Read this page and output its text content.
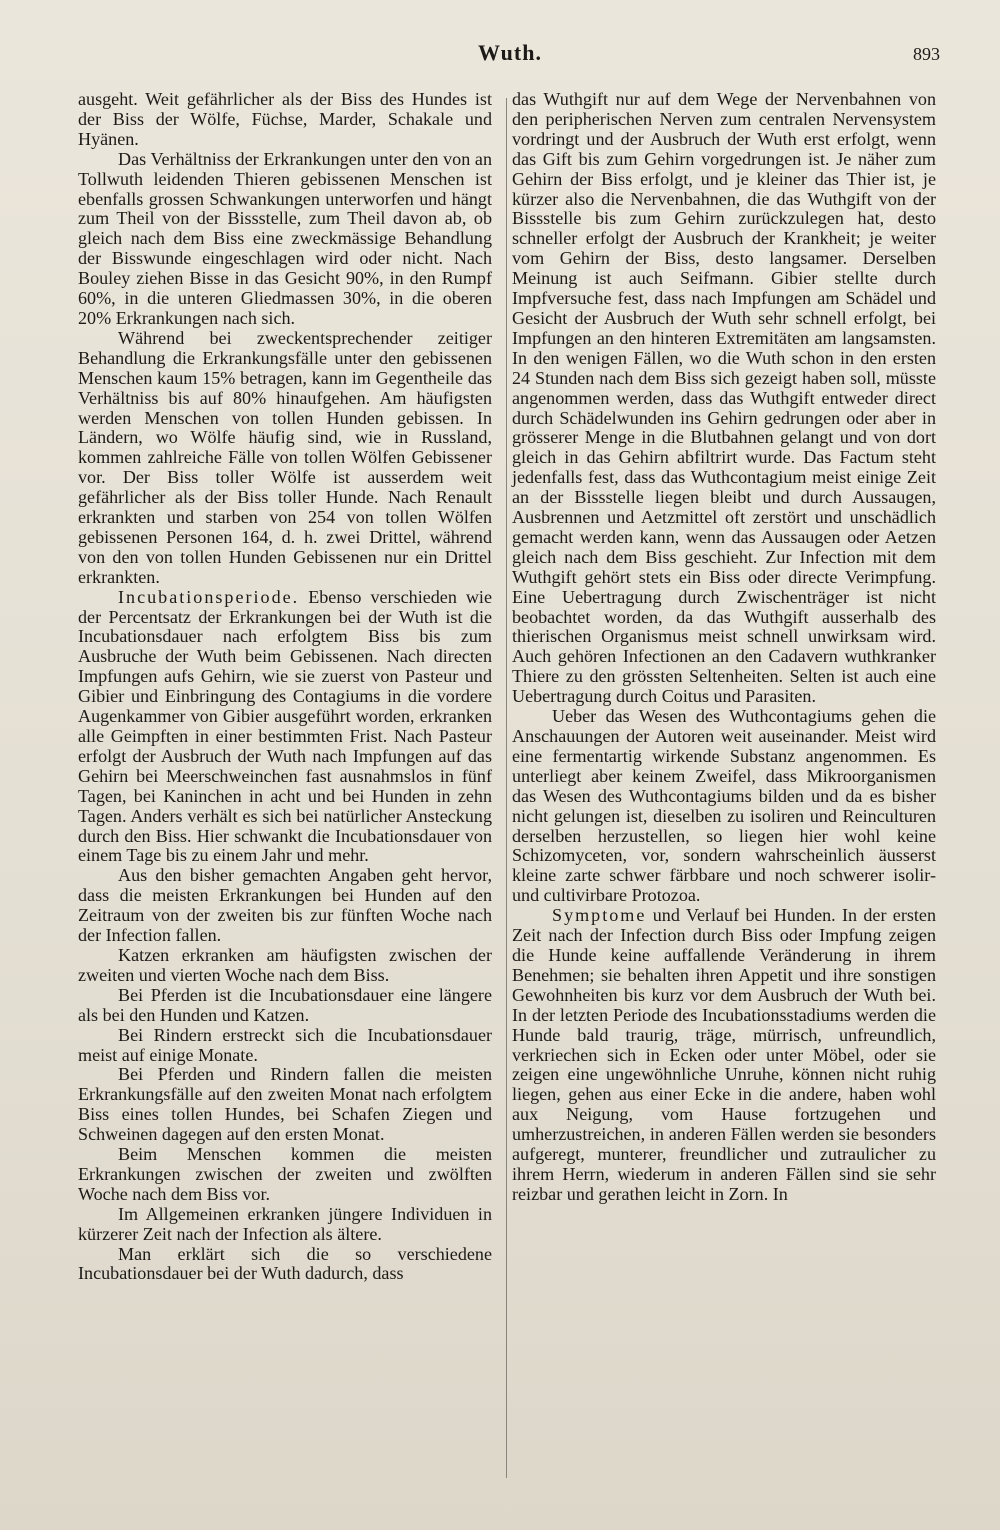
Wuth.	893

ausgeht. Weit gefährlicher als der Biss des Hundes ist der Biss der Wölfe, Füchse, Marder, Schakale und Hyänen.

Das Verhältniss der Erkrankungen unter den von an Tollwuth leidenden Thieren gebissenen Menschen ist ebenfalls grossen Schwankungen unterworfen und hängt zum Theil von der Bissstelle, zum Theil davon ab, ob gleich nach dem Biss eine zweckmässige Behandlung der Bisswunde eingeschlagen wird oder nicht. Nach Bouley ziehen Bisse in das Gesicht 90%, in den Rumpf 60%, in die unteren Gliedmassen 30%, in die oberen 20% Erkrankungen nach sich.

Während bei zweckentsprechender zeitiger Behandlung die Erkrankungsfälle unter den gebissenen Menschen kaum 15% betragen, kann im Gegentheile das Verhältniss bis auf 80% hinaufgehen. Am häufigsten werden Menschen von tollen Hunden gebissen. In Ländern, wo Wölfe häufig sind, wie in Russland, kommen zahlreiche Fälle von tollen Wölfen Gebissener vor. Der Biss toller Wölfe ist ausserdem weit gefährlicher als der Biss toller Hunde. Nach Renault erkrankten und starben von 254 von tollen Wölfen gebissenen Personen 164, d. h. zwei Drittel, während von den von tollen Hunden Gebissenen nur ein Drittel erkrankten.

Incubationsperiode. Ebenso verschieden wie der Percentsatz der Erkrankungen bei der Wuth ist die Incubationsdauer nach erfolgtem Biss bis zum Ausbruche der Wuth beim Gebissenen. Nach directen Impfungen aufs Gehirn, wie sie zuerst von Pasteur und Gibier und Einbringung des Contagiums in die vordere Augenkammer von Gibier ausgeführt worden, erkranken alle Geimpften in einer bestimmten Frist. Nach Pasteur erfolgt der Ausbruch der Wuth nach Impfungen auf das Gehirn bei Meerschweinchen fast ausnahmslos in fünf Tagen, bei Kaninchen in acht und bei Hunden in zehn Tagen. Anders verhält es sich bei natürlicher Ansteckung durch den Biss. Hier schwankt die Incubationsdauer von einem Tage bis zu einem Jahr und mehr.

Aus den bisher gemachten Angaben geht hervor, dass die meisten Erkrankungen bei Hunden auf den Zeitraum von der zweiten bis zur fünften Woche nach der Infection fallen.

Katzen erkranken am häufigsten zwischen der zweiten und vierten Woche nach dem Biss.

Bei Pferden ist die Incubationsdauer eine längere als bei den Hunden und Katzen.

Bei Rindern erstreckt sich die Incubationsdauer meist auf einige Monate.

Bei Pferden und Rindern fallen die meisten Erkrankungsfälle auf den zweiten Monat nach erfolgtem Biss eines tollen Hundes, bei Schafen Ziegen und Schweinen dagegen auf den ersten Monat.

Beim Menschen kommen die meisten Erkrankungen zwischen der zweiten und zwölften Woche nach dem Biss vor.

Im Allgemeinen erkranken jüngere Individuen in kürzerer Zeit nach der Infection als ältere.

Man erklärt sich die so verschiedene Incubationsdauer bei der Wuth dadurch, dass

das Wuthgift nur auf dem Wege der Nervenbahnen von den peripherischen Nerven zum centralen Nervensystem vordringt und der Ausbruch der Wuth erst erfolgt, wenn das Gift bis zum Gehirn vorgedrungen ist. Je näher zum Gehirn der Biss erfolgt, und je kleiner das Thier ist, je kürzer also die Nervenbahnen, die das Wuthgift von der Bissstelle bis zum Gehirn zurückzulegen hat, desto schneller erfolgt der Ausbruch der Krankheit; je weiter vom Gehirn der Biss, desto langsamer. Derselben Meinung ist auch Seifmann. Gibier stellte durch Impfversuche fest, dass nach Impfungen am Schädel und Gesicht der Ausbruch der Wuth sehr schnell erfolgt, bei Impfungen an den hinteren Extremitäten am langsamsten. In den wenigen Fällen, wo die Wuth schon in den ersten 24 Stunden nach dem Biss sich gezeigt haben soll, müsste angenommen werden, dass das Wuthgift entweder direct durch Schädelwunden ins Gehirn gedrungen oder aber in grösserer Menge in die Blutbahnen gelangt und von dort gleich in das Gehirn abfiltrirt wurde. Das Factum steht jedenfalls fest, dass das Wuthcontagium meist einige Zeit an der Bissstelle liegen bleibt und durch Aussaugen, Ausbrennen und Aetzmittel oft zerstört und unschädlich gemacht werden kann, wenn das Aussaugen oder Aetzen gleich nach dem Biss geschieht. Zur Infection mit dem Wuthgift gehört stets ein Biss oder directe Verimpfung. Eine Uebertragung durch Zwischenträger ist nicht beobachtet worden, da das Wuthgift ausserhalb des thierischen Organismus meist schnell unwirksam wird. Auch gehören Infectionen an den Cadavern wuthkranker Thiere zu den grössten Seltenheiten. Selten ist auch eine Uebertragung durch Coitus und Parasiten.

Ueber das Wesen des Wuthcontagiums gehen die Anschauungen der Autoren weit auseinander. Meist wird eine fermentartig wirkende Substanz angenommen. Es unterliegt aber keinem Zweifel, dass Mikroorganismen das Wesen des Wuthcontagiums bilden und da es bisher nicht gelungen ist, dieselben zu isoliren und Reinculturen derselben herzustellen, so liegen hier wohl keine Schizomyceten, vor, sondern wahrscheinlich äusserst kleine zarte schwer färbbare und noch schwerer isolir- und cultivirbare Protozoa.

Symptome und Verlauf bei Hunden. In der ersten Zeit nach der Infection durch Biss oder Impfung zeigen die Hunde keine auffallende Veränderung in ihrem Benehmen; sie behalten ihren Appetit und ihre sonstigen Gewohnheiten bis kurz vor dem Ausbruch der Wuth bei. In der letzten Periode des Incubationsstadiums werden die Hunde bald traurig, träge, mürrisch, unfreundlich, verkriechen sich in Ecken oder unter Möbel, oder sie zeigen eine ungewöhnliche Unruhe, können nicht ruhig liegen, gehen aus einer Ecke in die andere, haben wohl aux Neigung, vom Hause fortzugehen und umherzustreichen, in anderen Fällen werden sie besonders aufgeregt, munterer, freundlicher und zutraulicher zu ihrem Herrn, wiederum in anderen Fällen sind sie sehr reizbar und gerathen leicht in Zorn. In
